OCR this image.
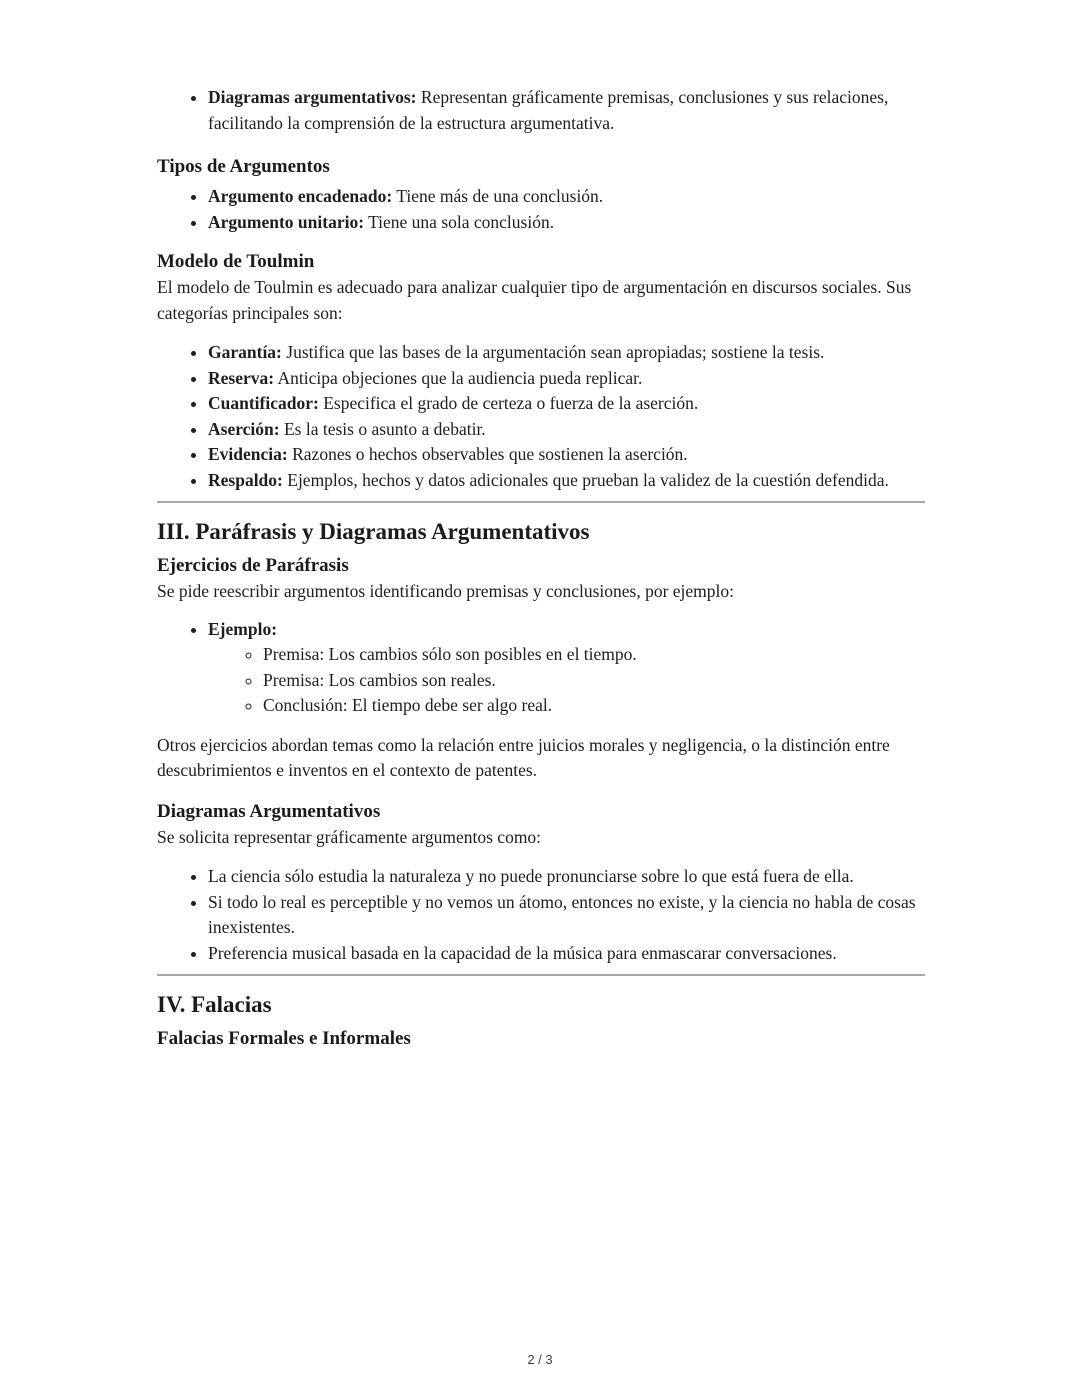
• Diagramas argumentativos: Representan gráficamente premisas, conclusiones y sus relaciones, facilitando la comprensión de la estructura argumentativa.
Tipos de Argumentos
• Argumento encadenado: Tiene más de una conclusión.
• Argumento unitario: Tiene una sola conclusión.
Modelo de Toulmin

El modelo de Toulmin es adecuado para analizar cualquier tipo de argumentación en discursos sociales. Sus categorías principales son:

• Garantía: Justifica que las bases de la argumentación sean apropiadas; sostiene la tesis.
• Reserva: Anticipa objeciones que la audiencia pueda replicar.
• Cuantificador: Especifica el grado de certeza o fuerza de la aserción.
• Aserción: Es la tesis o asunto a debatir.
• Evidencia: Razones o hechos observables que sostienen la aserción.
• Respaldo: Ejemplos, hechos y datos adicionales que prueban la validez de la cuestión defendida.
III. Paráfrasis y Diagramas Argumentativos
Ejercicios de Paráfrasis

Se pide reescribir argumentos identificando premisas y conclusiones, por ejemplo:

• Ejemplo:
◦ Premisa: Los cambios sólo son posibles en el tiempo.
◦ Premisa: Los cambios son reales.
◦ Conclusión: El tiempo debe ser algo real.

Otros ejercicios abordan temas como la relación entre juicios morales y negligencia, o la distinción entre descubrimientos e inventos en el contexto de patentes.

Diagramas Argumentativos

Se solicita representar gráficamente argumentos como:

• La ciencia sólo estudia la naturaleza y no puede pronunciarse sobre lo que está fuera de ella.
• Si todo lo real es perceptible y no vemos un átomo, entonces no existe, y la ciencia no habla de cosas inexistentes.
• Preferencia musical basada en la capacidad de la música para enmascarar conversaciones.
IV. Falacias
Falacias Formales e Informales
2 / 3
